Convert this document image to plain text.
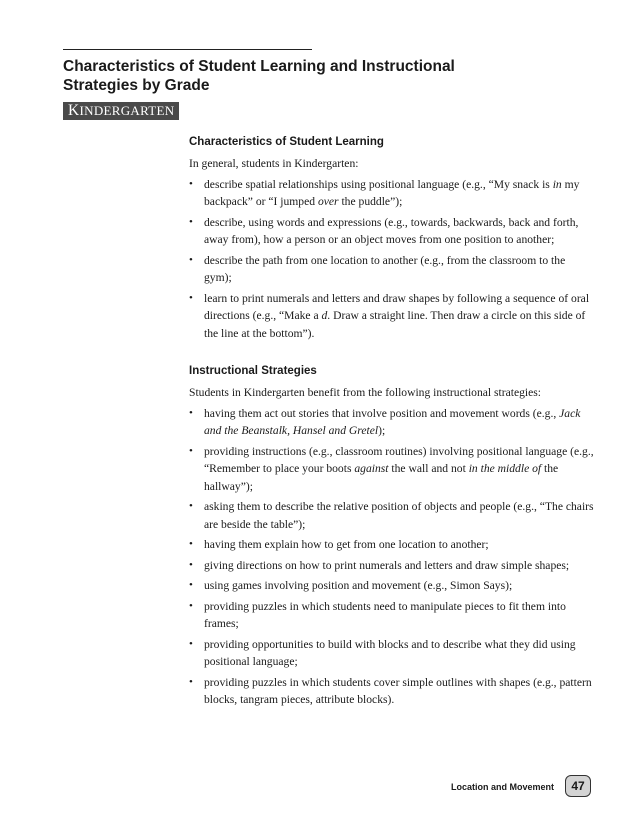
Characteristics of Student Learning and Instructional Strategies by Grade
KINDERGARTEN
Characteristics of Student Learning

In general, students in Kindergarten:

• describe spatial relationships using positional language (e.g., “My snack is in my backpack” or “I jumped over the puddle”);
• describe, using words and expressions (e.g., towards, backwards, back and forth, away from), how a person or an object moves from one position to another;
• describe the path from one location to another (e.g., from the classroom to the gym);
• learn to print numerals and letters and draw shapes by following a sequence of oral directions (e.g., “Make a d. Draw a straight line. Then draw a circle on this side of the line at the bottom”).
Instructional Strategies

Students in Kindergarten benefit from the following instructional strategies:

• having them act out stories that involve position and movement words (e.g., Jack and the Beanstalk, Hansel and Gretel);
• providing instructions (e.g., classroom routines) involving positional language (e.g., “Remember to place your boots against the wall and not in the middle of the hallway”);
• asking them to describe the relative position of objects and people (e.g., “The chairs are beside the table”);
• having them explain how to get from one location to another;
• giving directions on how to print numerals and letters and draw simple shapes;
• using games involving position and movement (e.g., Simon Says);
• providing puzzles in which students need to manipulate pieces to fit them into frames;
• providing opportunities to build with blocks and to describe what they did using positional language;
• providing puzzles in which students cover simple outlines with shapes (e.g., pattern blocks, tangram pieces, attribute blocks).
Location and Movement	47
